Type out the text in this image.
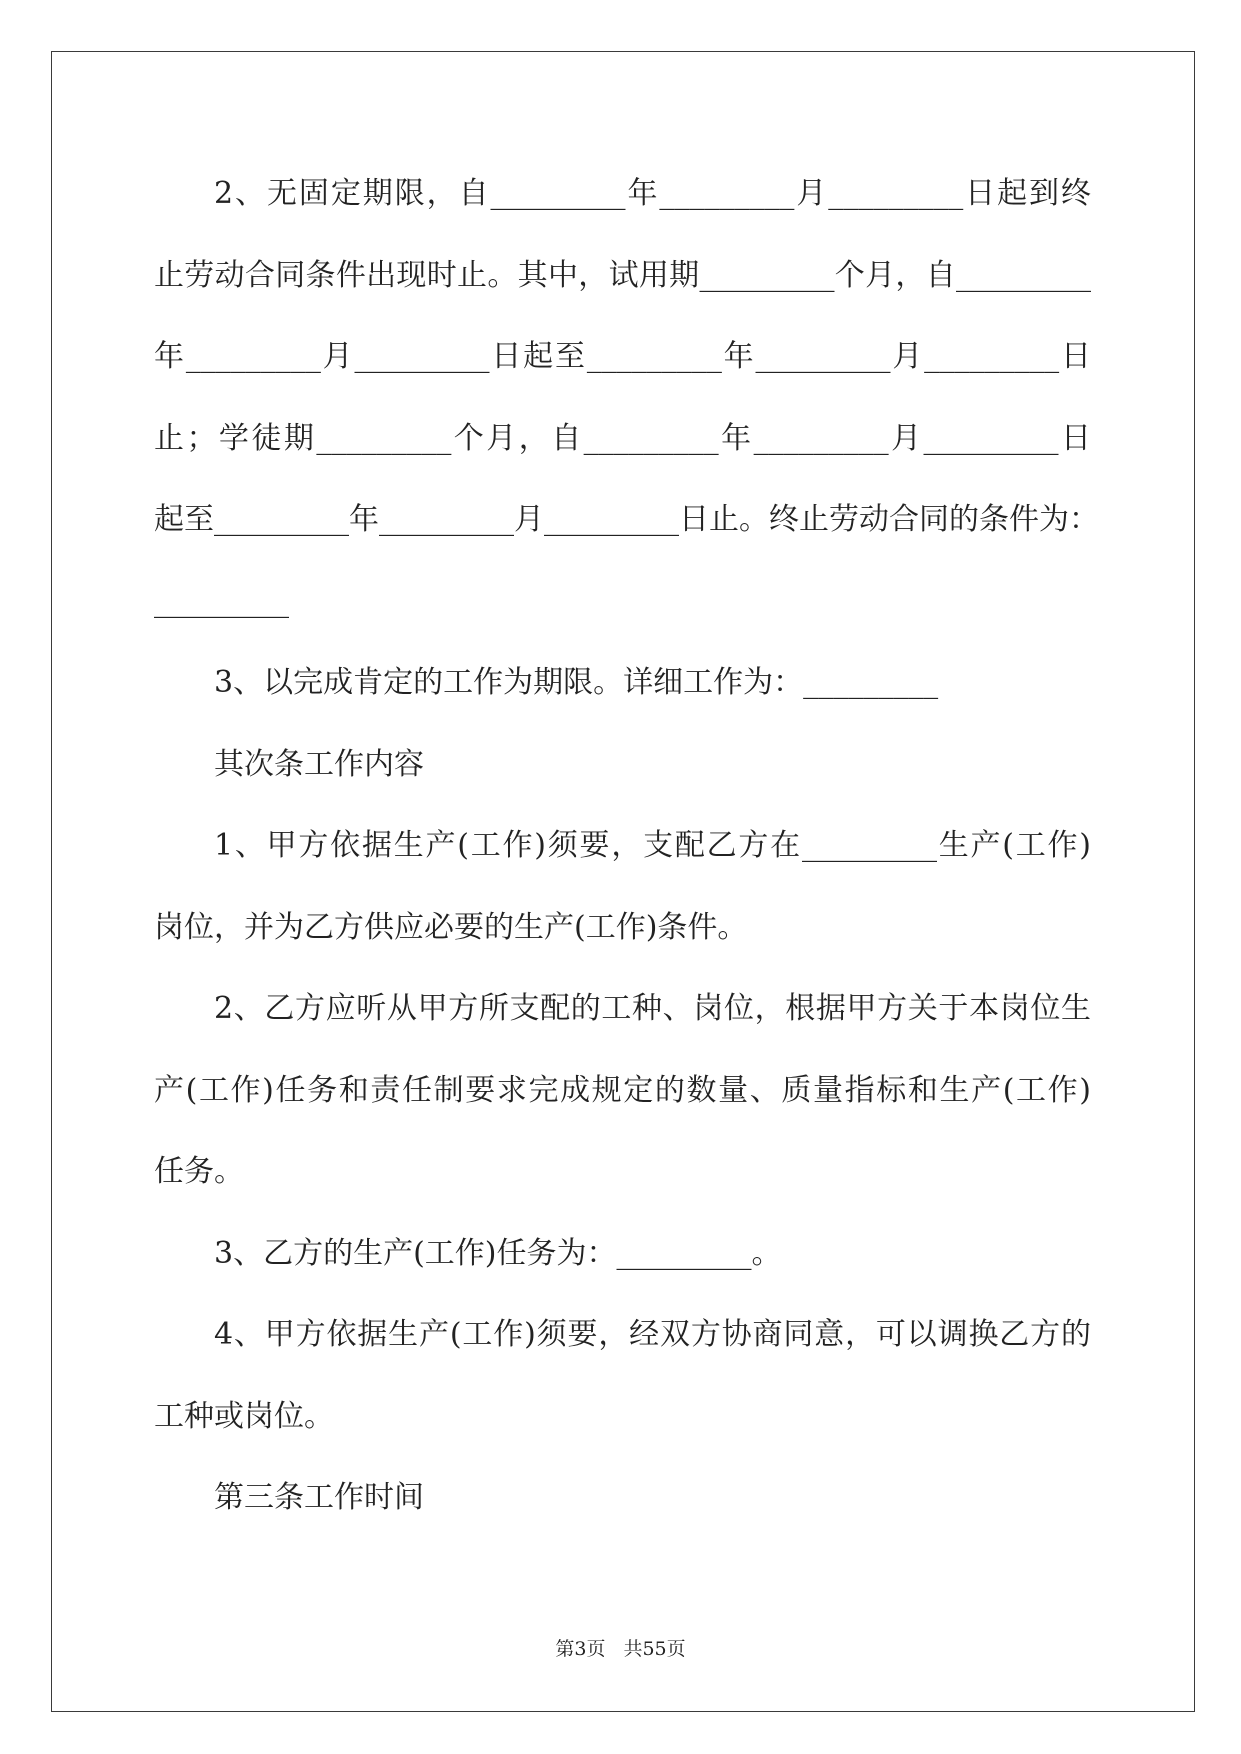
2、无固定期限，自_________年_________月_________日起到终
止劳动合同条件出现时止。其中，试用期_________个月，自_________
年_________月_________日起至_________年_________月_________日
止；学徒期_________个月，自_________年_________月_________日
起至_________年_________月_________日止。终止劳动合同的条件为：
_________
3、以完成肯定的工作为期限。详细工作为：_________
其次条工作内容
1、甲方依据生产(工作)须要，支配乙方在_________生产(工作)
岗位，并为乙方供应必要的生产(工作)条件。
2、乙方应听从甲方所支配的工种、岗位，根据甲方关于本岗位生
产(工作)任务和责任制要求完成规定的数量、质量指标和生产(工作)
任务。
3、乙方的生产(工作)任务为：_________。
4、甲方依据生产(工作)须要，经双方协商同意，可以调换乙方的
工种或岗位。
第三条工作时间
第3页 共55页
